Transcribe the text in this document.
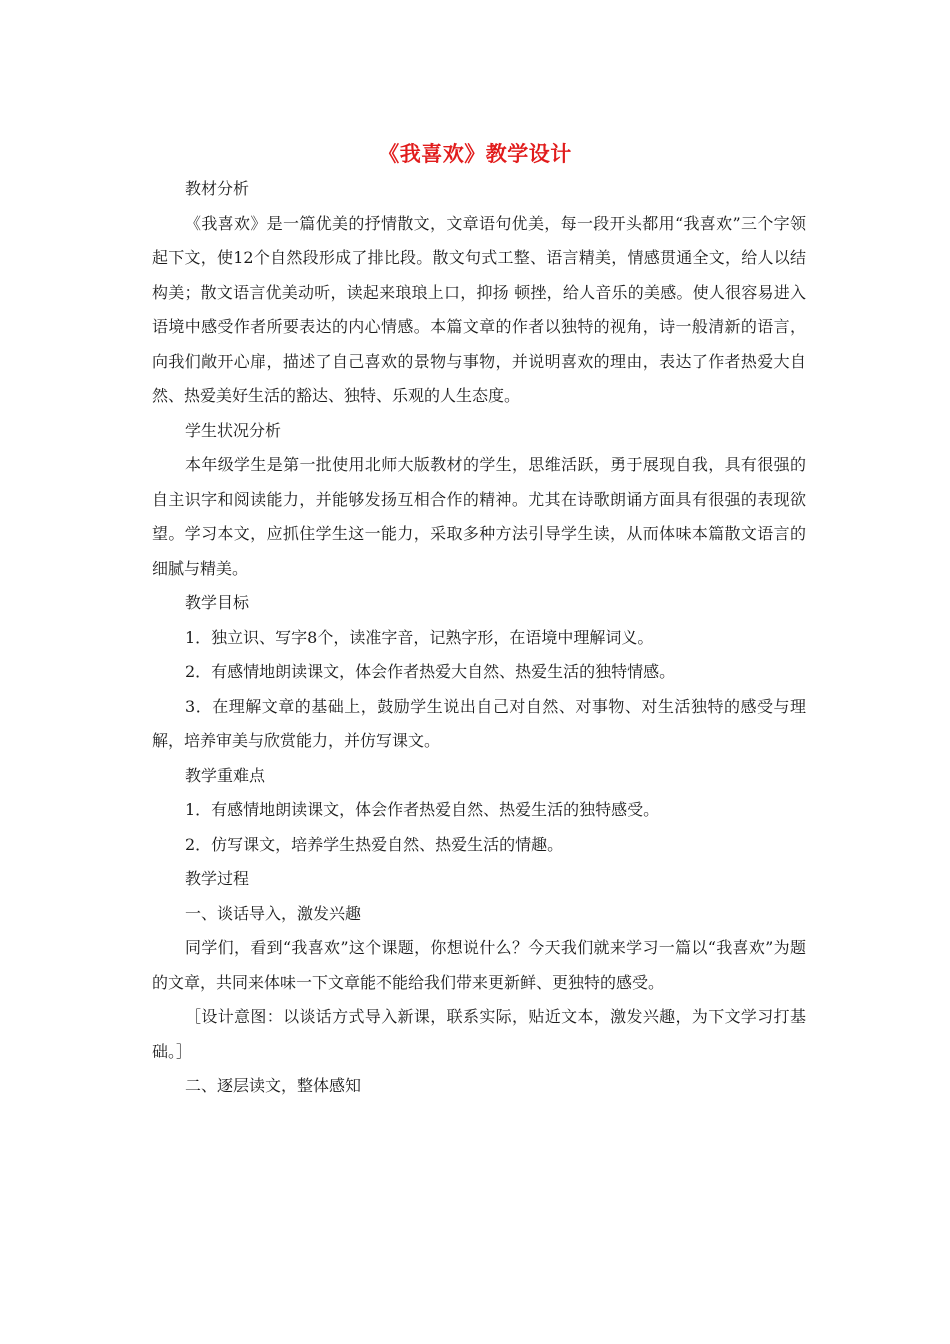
《我喜欢》教学设计

教材分析

《我喜欢》是一篇优美的抒情散文，文章语句优美，每一段开头都用“我喜欢”三个字领起下文，使12个自然段形成了排比段。散文句式工整、语言精美，情感贯通全文，给人以结构美；散文语言优美动听，读起来琅琅上口，抑扬 顿挫，给人音乐的美感。使人很容易进入语境中感受作者所要表达的内心情感。本篇文章的作者以独特的视角，诗一般清新的语言，向我们敞开心扉，描述了自己喜欢的景物与事物，并说明喜欢的理由，表达了作者热爱大自然、热爱美好生活的豁达、独特、乐观的人生态度。

学生状况分析

本年级学生是第一批使用北师大版教材的学生，思维活跃，勇于展现自我，具有很强的自主识字和阅读能力，并能够发扬互相合作的精神。尤其在诗歌朗诵方面具有很强的表现欲望。学习本文，应抓住学生这一能力，采取多种方法引导学生读，从而体味本篇散文语言的细腻与精美。

教学目标

1．独立识、写字8个，读准字音，记熟字形，在语境中理解词义。

2．有感情地朗读课文，体会作者热爱大自然、热爱生活的独特情感。

3．在理解文章的基础上，鼓励学生说出自己对自然、对事物、对生活独特的感受与理解，培养审美与欣赏能力，并仿写课文。

教学重难点

1．有感情地朗读课文，体会作者热爱自然、热爱生活的独特感受。

2．仿写课文，培养学生热爱自然、热爱生活的情趣。

教学过程

一、谈话导入，激发兴趣

同学们，看到“我喜欢”这个课题，你想说什么？今天我们就来学习一篇以“我喜欢”为题的文章，共同来体味一下文章能不能给我们带来更新鲜、更独特的感受。

［设计意图：以谈话方式导入新课，联系实际，贴近文本，激发兴趣，为下文学习打基础。］

二、逐层读文，整体感知
